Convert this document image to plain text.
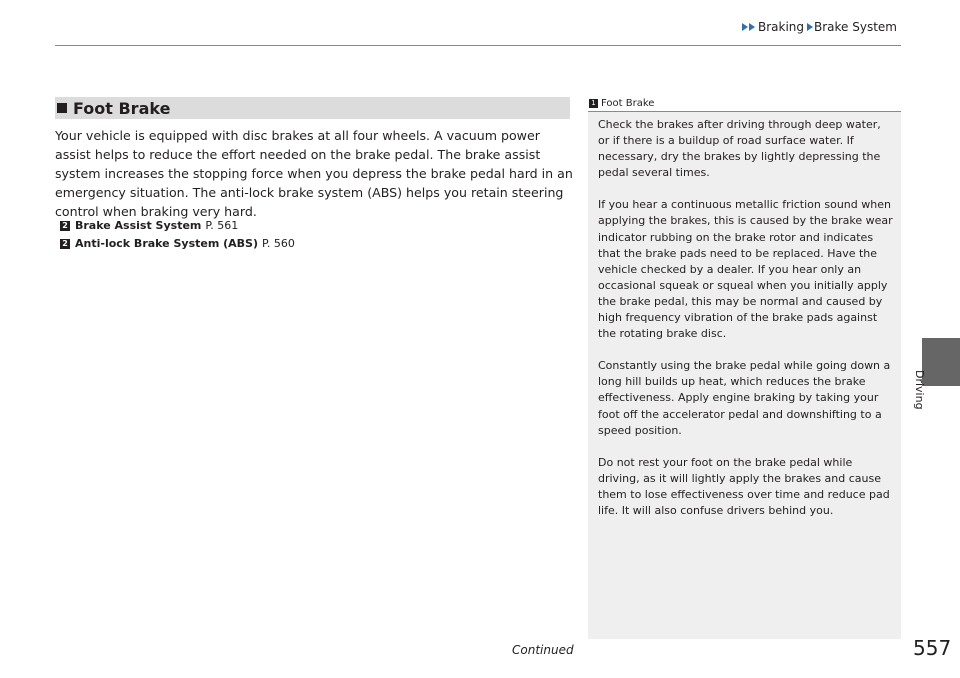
Braking Brake System
Foot Brake

Your vehicle is equipped with disc brakes at all four wheels. A vacuum power assist helps to reduce the effort needed on the brake pedal. The brake assist system increases the stopping force when you depress the brake pedal hard in an emergency situation. The anti-lock brake system (ABS) helps you retain steering control when braking very hard.

2 Brake Assist System P. 561
2 Anti-lock Brake System (ABS) P. 560
1 Foot Brake

Check the brakes after driving through deep water, or if there is a buildup of road surface water. If necessary, dry the brakes by lightly depressing the pedal several times.

If you hear a continuous metallic friction sound when applying the brakes, this is caused by the brake wear indicator rubbing on the brake rotor and indicates that the brake pads need to be replaced. Have the vehicle checked by a dealer. If you hear only an occasional squeak or squeal when you initially apply the brake pedal, this may be normal and caused by high frequency vibration of the brake pads against the rotating brake disc.

Constantly using the brake pedal while going down a long hill builds up heat, which reduces the brake effectiveness. Apply engine braking by taking your foot off the accelerator pedal and downshifting to a speed position.

Do not rest your foot on the brake pedal while driving, as it will lightly apply the brakes and cause them to lose effectiveness over time and reduce pad life. It will also confuse drivers behind you.

Driving
Continued	557
